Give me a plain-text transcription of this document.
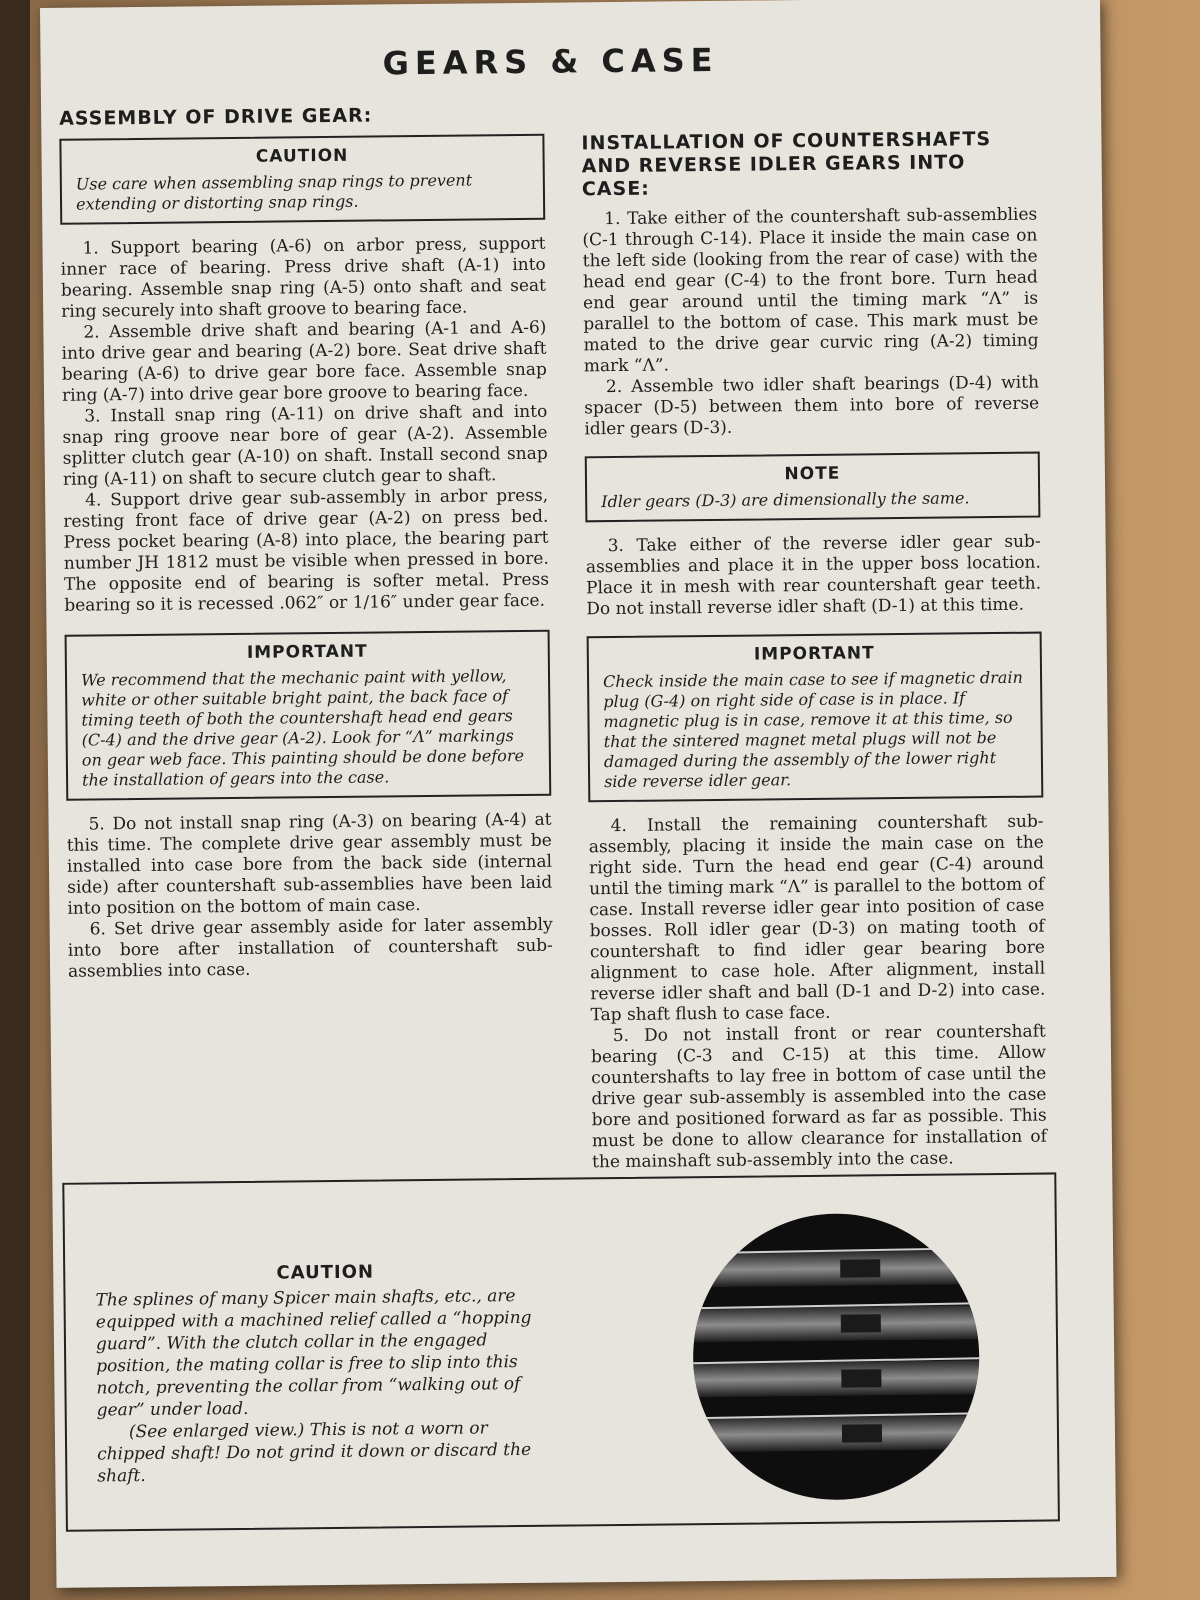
GEARS & CASE
ASSEMBLY OF DRIVE GEAR:
CAUTION
Use care when assembling snap rings to prevent extending or distorting snap rings.

1. Support bearing (A-6) on arbor press, support inner race of bearing. Press drive shaft (A-1) into bearing. Assemble snap ring (A-5) onto shaft and seat ring securely into shaft groove to bearing face.

2. Assemble drive shaft and bearing (A-1 and A-6) into drive gear and bearing (A-2) bore. Seat drive shaft bearing (A-6) to drive gear bore face. Assemble snap ring (A-7) into drive gear bore groove to bearing face.

3. Install snap ring (A-11) on drive shaft and into snap ring groove near bore of gear (A-2). Assemble splitter clutch gear (A-10) on shaft. Install second snap ring (A-11) on shaft to secure clutch gear to shaft.

4. Support drive gear sub-assembly in arbor press, resting front face of drive gear (A-2) on press bed. Press pocket bearing (A-8) into place, the bearing part number JH 1812 must be visible when pressed in bore. The opposite end of bearing is softer metal. Press bearing so it is recessed .062″ or 1/16″ under gear face.

IMPORTANT
We recommend that the mechanic paint with yellow, white or other suitable bright paint, the back face of timing teeth of both the countershaft head end gears (C-4) and the drive gear (A-2). Look for “Λ” markings on gear web face. This painting should be done before the installation of gears into the case.

5. Do not install snap ring (A-3) on bearing (A-4) at this time. The complete drive gear assembly must be installed into case bore from the back side (internal side) after countershaft sub-assemblies have been laid into position on the bottom of main case.

6. Set drive gear assembly aside for later assembly into bore after installation of countershaft sub-assemblies into case.

INSTALLATION OF COUNTERSHAFTS AND REVERSE IDLER GEARS INTO CASE:

1. Take either of the countershaft sub-assemblies (C-1 through C-14). Place it inside the main case on the left side (looking from the rear of case) with the head end gear (C-4) to the front bore. Turn head end gear around until the timing mark “Λ” is parallel to the bottom of case. This mark must be mated to the drive gear curvic ring (A-2) timing mark “Λ”.

2. Assemble two idler shaft bearings (D-4) with spacer (D-5) between them into bore of reverse idler gears (D-3).

NOTE
Idler gears (D-3) are dimensionally the same.

3. Take either of the reverse idler gear sub-assemblies and place it in the upper boss location. Place it in mesh with rear countershaft gear teeth. Do not install reverse idler shaft (D-1) at this time.

IMPORTANT
Check inside the main case to see if magnetic drain plug (G-4) on right side of case is in place. If magnetic plug is in case, remove it at this time, so that the sintered magnet metal plugs will not be damaged during the assembly of the lower right side reverse idler gear.

4. Install the remaining countershaft sub-assembly, placing it inside the main case on the right side. Turn the head end gear (C-4) around until the timing mark “Λ” is parallel to the bottom of case. Install reverse idler gear into position of case bosses. Roll idler gear (D-3) on mating tooth of countershaft to find idler gear bearing bore alignment to case hole. After alignment, install reverse idler shaft and ball (D-1 and D-2) into case. Tap shaft flush to case face.

5. Do not install front or rear countershaft bearing (C-3 and C-15) at this time. Allow countershafts to lay free in bottom of case until the drive gear sub-assembly is assembled into the case bore and positioned forward as far as possible. This must be done to allow clearance for installation of the mainshaft sub-assembly into the case.

CAUTION

The splines of many Spicer main shafts, etc., are equipped with a machined relief called a “hopping guard”. With the clutch collar in the engaged position, the mating collar is free to slip into this notch, preventing the collar from “walking out of gear” under load.

(See enlarged view.) This is not a worn or chipped shaft! Do not grind it down or discard the shaft.
